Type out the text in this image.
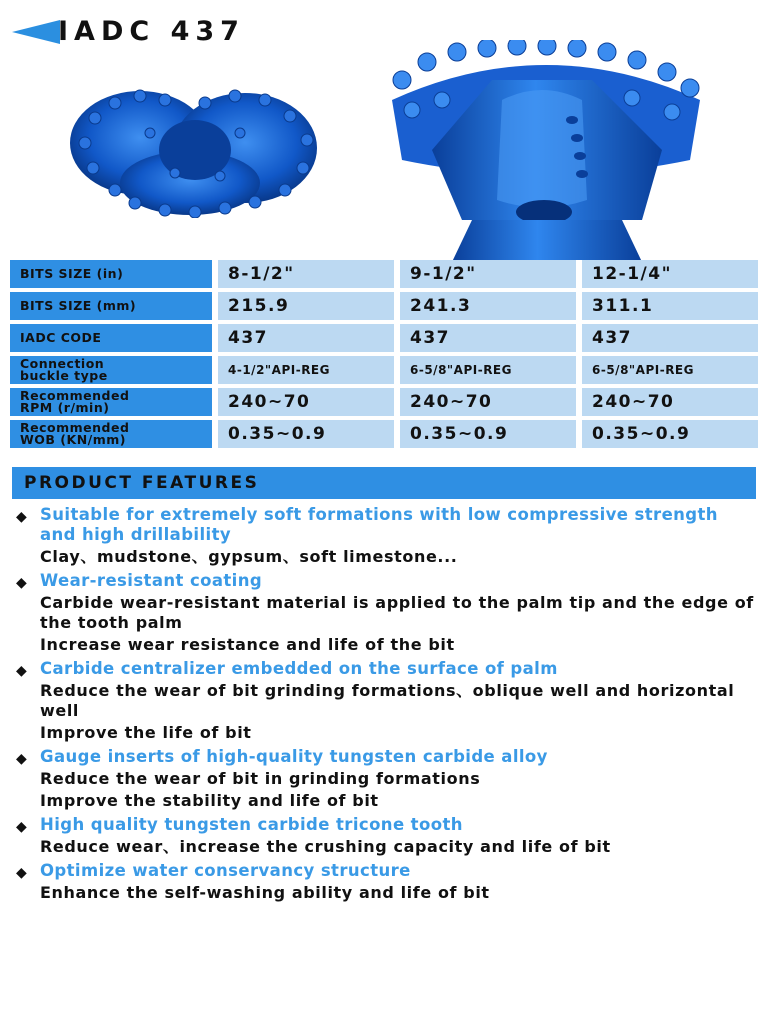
IADC 437
BITS SIZE (in)	8-1/2"	9-1/2"	12-1/4"
BITS SIZE (mm)	215.9	241.3	311.1
IADC CODE	437	437	437

Connection
buckle type	4-1/2"API-REG	6-5/8"API-REG	6-5/8"API-REG

Recommended
RPM (r/min)	240~70	240~70	240~70

Recommended
WOB (KN/mm)	0.35~0.9	0.35~0.9	0.35~0.9
PRODUCT FEATURES
◆ Suitable for extremely soft formations with low compressive strength and high drillability
Clay、mudstone、gypsum、soft limestone...
◆ Wear-resistant coating
Carbide wear-resistant material is applied to the palm tip and the edge of the tooth palm
Increase wear resistance and life of the bit
◆ Carbide centralizer embedded on the surface of palm
Reduce the wear of bit grinding formations、oblique well and horizontal well
Improve the life of bit
◆ Gauge inserts of high-quality tungsten carbide alloy
Reduce the wear of bit in grinding formations
Improve the stability and life of bit
◆ High quality tungsten carbide tricone tooth
Reduce wear、increase the crushing capacity and life of bit
◆ Optimize water conservancy structure
Enhance the self-washing ability and life of bit
